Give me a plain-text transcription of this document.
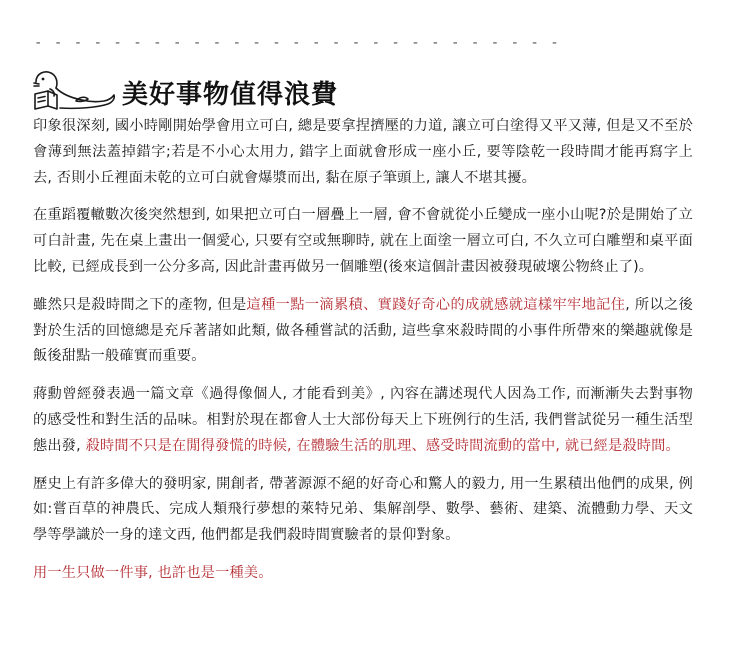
- - - - - - - - - - - - - - - - - - - - - - - - - - -
美好事物值得浪費

印象很深刻, 國小時剛開始學會用立可白, 總是要拿捏擠壓的力道, 讓立可白塗得又平又薄, 但是又不至於會薄到無法蓋掉錯字;若是不小心太用力, 錯字上面就會形成一座小丘, 要等陰乾一段時間才能再寫字上去, 否則小丘裡面未乾的立可白就會爆漿而出, 黏在原子筆頭上, 讓人不堪其擾。

在重蹈覆轍數次後突然想到, 如果把立可白一層疊上一層, 會不會就從小丘變成一座小山呢?於是開始了立可白計畫, 先在桌上畫出一個愛心, 只要有空或無聊時, 就在上面塗一層立可白, 不久立可白雕塑和桌平面比較, 已經成長到一公分多高, 因此計畫再做另一個雕塑(後來這個計畫因被發現破壞公物終止了)。

雖然只是殺時間之下的產物, 但是這種一點一滴累積、實踐好奇心的成就感就這樣牢牢地記住, 所以之後對於生活的回憶總是充斥著諸如此類, 做各種嘗試的活動, 這些拿來殺時間的小事件所帶來的樂趣就像是飯後甜點一般確實而重要。

蔣勳曾經發表過一篇文章《過得像個人, 才能看到美》, 內容在講述現代人因為工作, 而漸漸失去對事物的感受性和對生活的品味。相對於現在都會人士大部份每天上下班例行的生活, 我們嘗試從另一種生活型態出發, 殺時間不只是在閒得發慌的時候, 在體驗生活的肌理、感受時間流動的當中, 就已經是殺時間。

歷史上有許多偉大的發明家, 開創者, 帶著源源不絕的好奇心和驚人的毅力, 用一生累積出他們的成果, 例如:嘗百草的神農氏、完成人類飛行夢想的萊特兄弟、集解剖學、數學、藝術、建築、流體動力學、天文學等學識於一身的達文西, 他們都是我們殺時間實驗者的景仰對象。

用一生只做一件事, 也許也是一種美。
